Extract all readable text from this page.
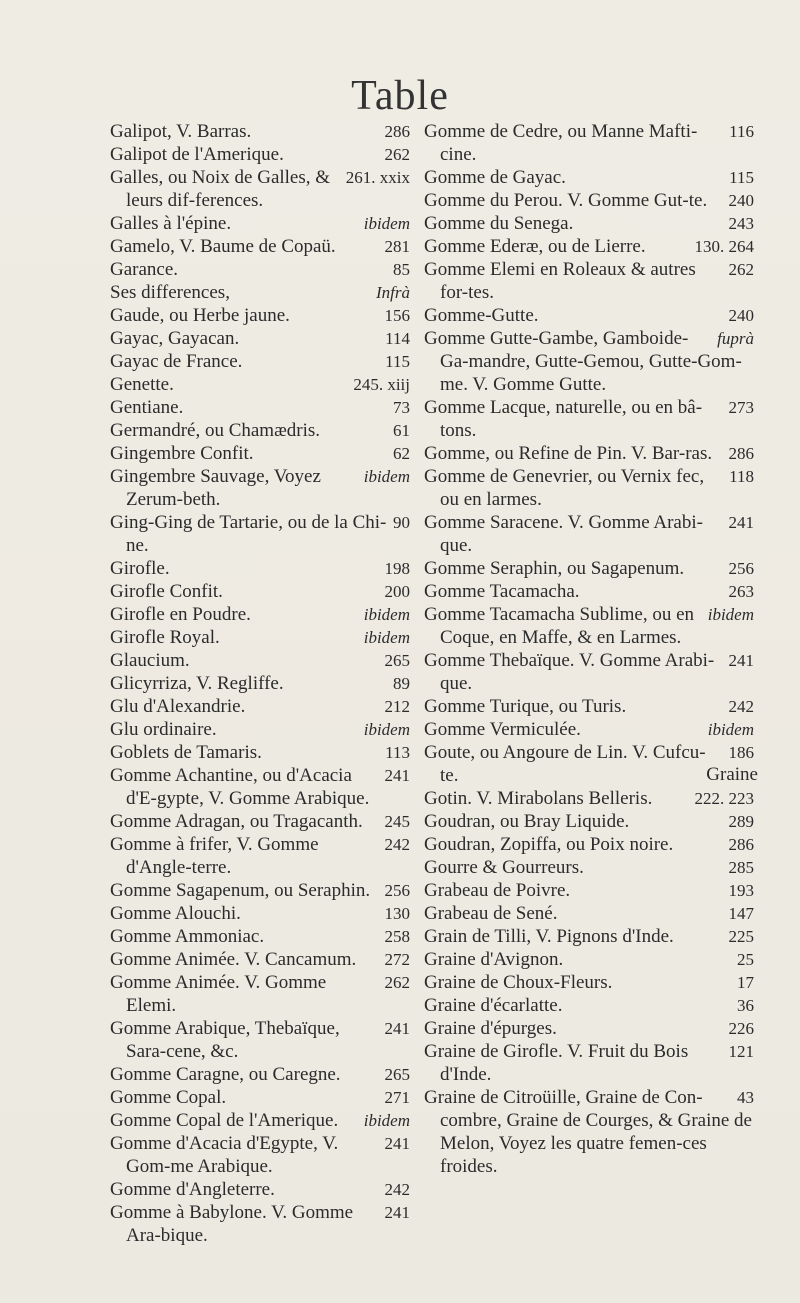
Table
286
Galipot, V. Barras.
262
Galipot de l'Amerique.
261. xxix
Galles, ou Noix de Galles, & leurs dif-ferences.
ibidem
Galles à l'épine.
281
Gamelo, V. Baume de Copaü.
85
Garance.
Infrà
Ses differences,
156
Gaude, ou Herbe jaune.
114
Gayac, Gayacan.
115
Gayac de France.
245. xiij
Genette.
73
Gentiane.
61
Germandré, ou Chamædris.
62
Gingembre Confit.
ibidem
Gingembre Sauvage, Voyez Zerum-beth.
90
Ging-Ging de Tartarie, ou de la Chi-ne.
198
Girofle.
200
Girofle Confit.
ibidem
Girofle en Poudre.
ibidem
Girofle Royal.
265
Glaucium.
89
Glicyrriza, V. Regliffe.
212
Glu d'Alexandrie.
ibidem
Glu ordinaire.
113
Goblets de Tamaris.
241
Gomme Achantine, ou d'Acacia d'E-gypte, V. Gomme Arabique.
245
Gomme Adragan, ou Tragacanth.
242
Gomme à frifer, V. Gomme d'Angle-terre.
256
Gomme Sagapenum, ou Seraphin.
130
Gomme Alouchi.
258
Gomme Ammoniac.
272
Gomme Animée. V. Cancamum.
262
Gomme Animée. V. Gomme Elemi.
241
Gomme Arabique, Thebaïque, Sara-cene, &c.
265
Gomme Caragne, ou Caregne.
271
Gomme Copal.
ibidem
Gomme Copal de l'Amerique.
241
Gomme d'Acacia d'Egypte, V. Gom-me Arabique.
242
Gomme d'Angleterre.
241
Gomme à Babylone. V. Gomme Ara-bique.
116
Gomme de Cedre, ou Manne Mafti-cine.
115
Gomme de Gayac.
240
Gomme du Perou. V. Gomme Gut-te.
243
Gomme du Senega.
130. 264
Gomme Ederæ, ou de Lierre.
262
Gomme Elemi en Roleaux & autres for-tes.
240
Gomme-Gutte.
fuprà
Gomme Gutte-Gambe, Gamboide-Ga-mandre, Gutte-Gemou, Gutte-Gom-me. V. Gomme Gutte.
273
Gomme Lacque, naturelle, ou en bâ-tons.
286
Gomme, ou Refine de Pin. V. Bar-ras.
118
Gomme de Genevrier, ou Vernix fec, ou en larmes.
241
Gomme Saracene. V. Gomme Arabi-que.
256
Gomme Seraphin, ou Sagapenum.
263
Gomme Tacamacha.
ibidem
Gomme Tacamacha Sublime, ou en Coque, en Maffe, & en Larmes.
241
Gomme Thebaïque. V. Gomme Arabi-que.
242
Gomme Turique, ou Turis.
ibidem
Gomme Vermiculée.
186
Goute, ou Angoure de Lin. V. Cufcu-te.
222. 223
Gotin. V. Mirabolans Belleris.
289
Goudran, ou Bray Liquide.
286
Goudran, Zopiffa, ou Poix noire.
285
Gourre & Gourreurs.
193
Grabeau de Poivre.
147
Grabeau de Sené.
225
Grain de Tilli, V. Pignons d'Inde.
25
Graine d'Avignon.
17
Graine de Choux-Fleurs.
36
Graine d'écarlatte.
226
Graine d'épurges.
121
Graine de Girofle. V. Fruit du Bois d'Inde.
43
Graine de Citroüille, Graine de Con-combre, Graine de Courges, & Graine de Melon, Voyez les quatre femen-ces froides.
Graine
